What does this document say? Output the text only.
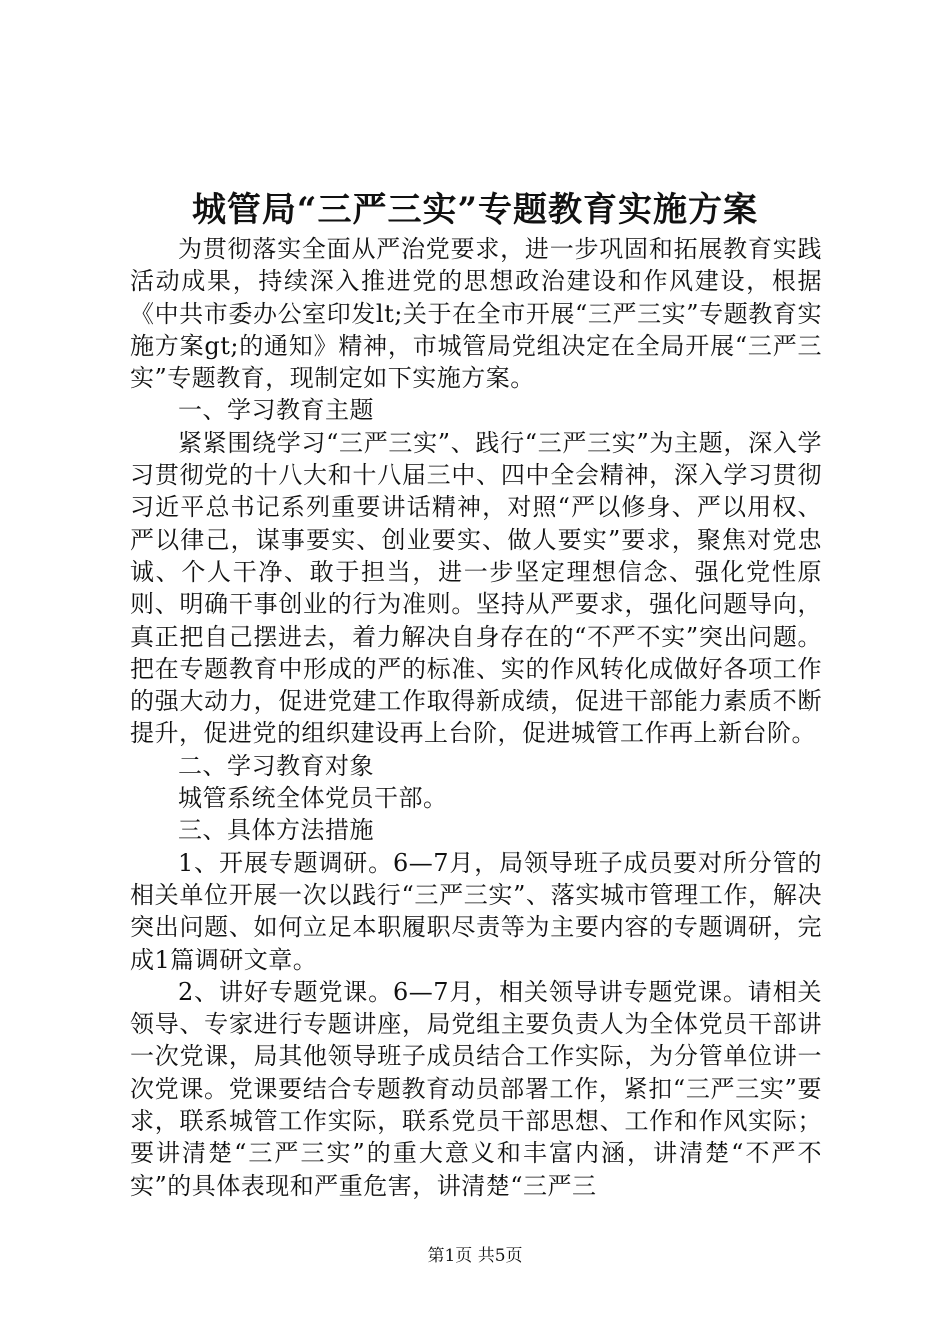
城管局“三严三实”专题教育实施方案

为贯彻落实全面从严治党要求，进一步巩固和拓展教育实践活动成果，持续深入推进党的思想政治建设和作风建设，根据《中共市委办公室印发lt;关于在全市开展“三严三实”专题教育实施方案gt;的通知》精神，市城管局党组决定在全局开展“三严三实”专题教育，现制定如下实施方案。

一、学习教育主题

紧紧围绕学习“三严三实”、践行“三严三实”为主题，深入学习贯彻党的十八大和十八届三中、四中全会精神，深入学习贯彻习近平总书记系列重要讲话精神，对照“严以修身、严以用权、严以律己，谋事要实、创业要实、做人要实”要求，聚焦对党忠诚、个人干净、敢于担当，进一步坚定理想信念、强化党性原则、明确干事创业的行为准则。坚持从严要求，强化问题导向，真正把自己摆进去，着力解决自身存在的“不严不实”突出问题。把在专题教育中形成的严的标准、实的作风转化成做好各项工作的强大动力，促进党建工作取得新成绩，促进干部能力素质不断提升，促进党的组织建设再上台阶，促进城管工作再上新台阶。

二、学习教育对象

城管系统全体党员干部。

三、具体方法措施

1、开展专题调研。6—7月，局领导班子成员要对所分管的相关单位开展一次以践行“三严三实”、落实城市管理工作，解决突出问题、如何立足本职履职尽责等为主要内容的专题调研，完成1篇调研文章。

2、讲好专题党课。6—7月，相关领导讲专题党课。请相关领导、专家进行专题讲座，局党组主要负责人为全体党员干部讲一次党课，局其他领导班子成员结合工作实际，为分管单位讲一次党课。党课要结合专题教育动员部署工作，紧扣“三严三实”要求，联系城管工作实际，联系党员干部思想、工作和作风实际；要讲清楚“三严三实”的重大意义和丰富内涵，讲清楚“不严不实”的具体表现和严重危害，讲清楚“三严三

第1页 共5页
